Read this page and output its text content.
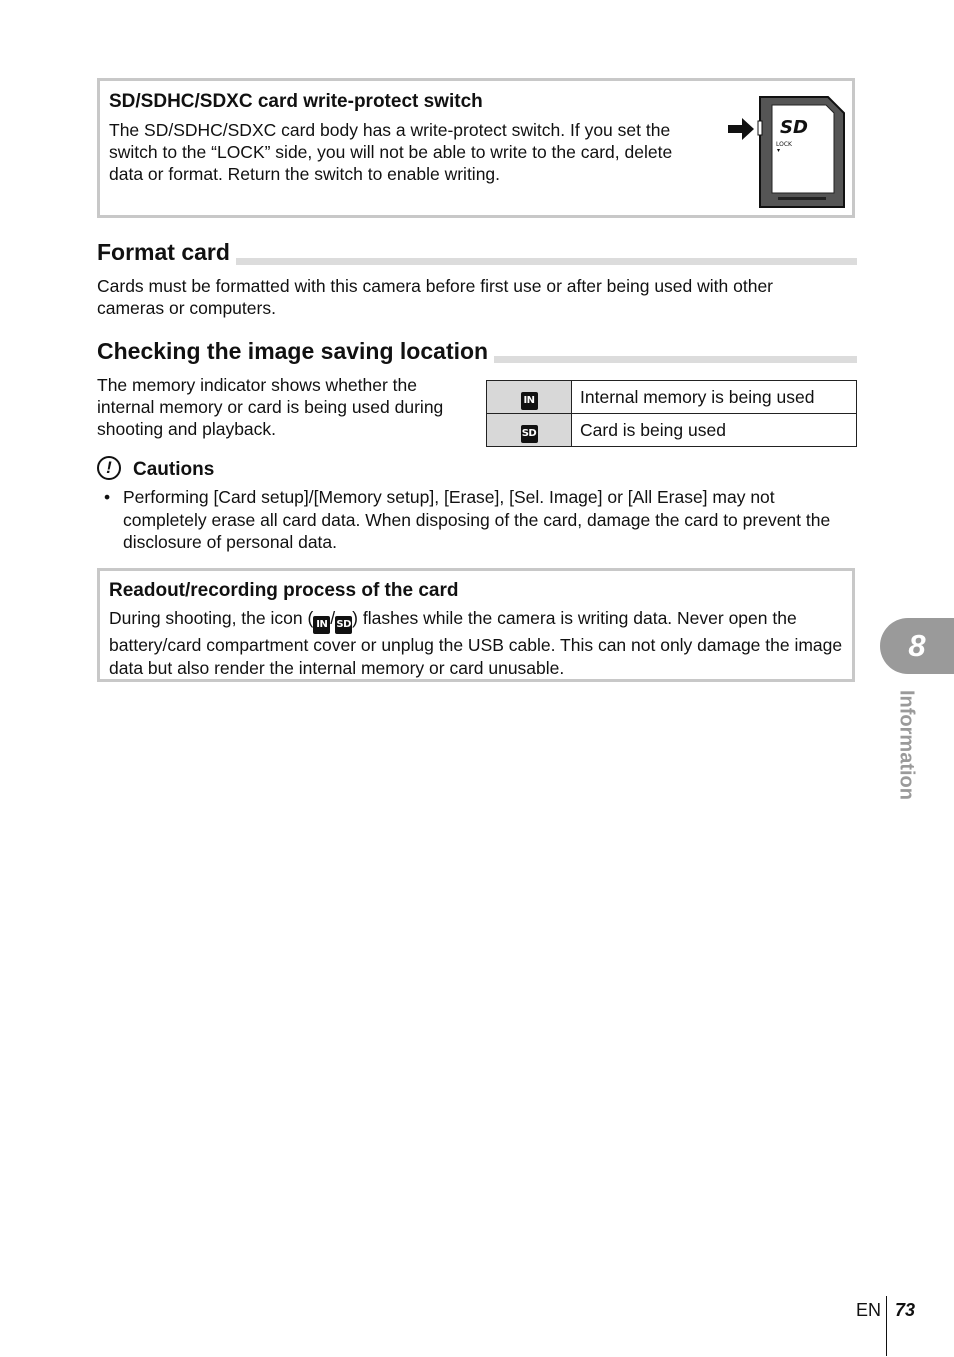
SD/SDHC/SDXC card write-protect switch
The SD/SDHC/SDXC card body has a write-protect switch. If you set the switch to the “LOCK” side, you will not be able to write to the card, delete data or format. Return the switch to enable writing.
SD
LOCK
Format card
Cards must be formatted with this camera before first use or after being used with other cameras or computers.
Checking the image saving location
The memory indicator shows whether the internal memory or card is being used during shooting and playback.
IN	Internal memory is being used
SD	Card is being used
!	Cautions
• Performing [Card setup]/[Memory setup], [Erase], [Sel. Image] or [All Erase] may not completely erase all card data. When disposing of the card, damage the card to prevent the disclosure of personal data.
Readout/recording process of the card
During shooting, the icon ( IN /SD) flashes while the camera is writing data. Never open the battery/card compartment cover or unplug the USB cable. This can not only damage the image data but also render the internal memory or card unusable.
8
Information
EN 73
